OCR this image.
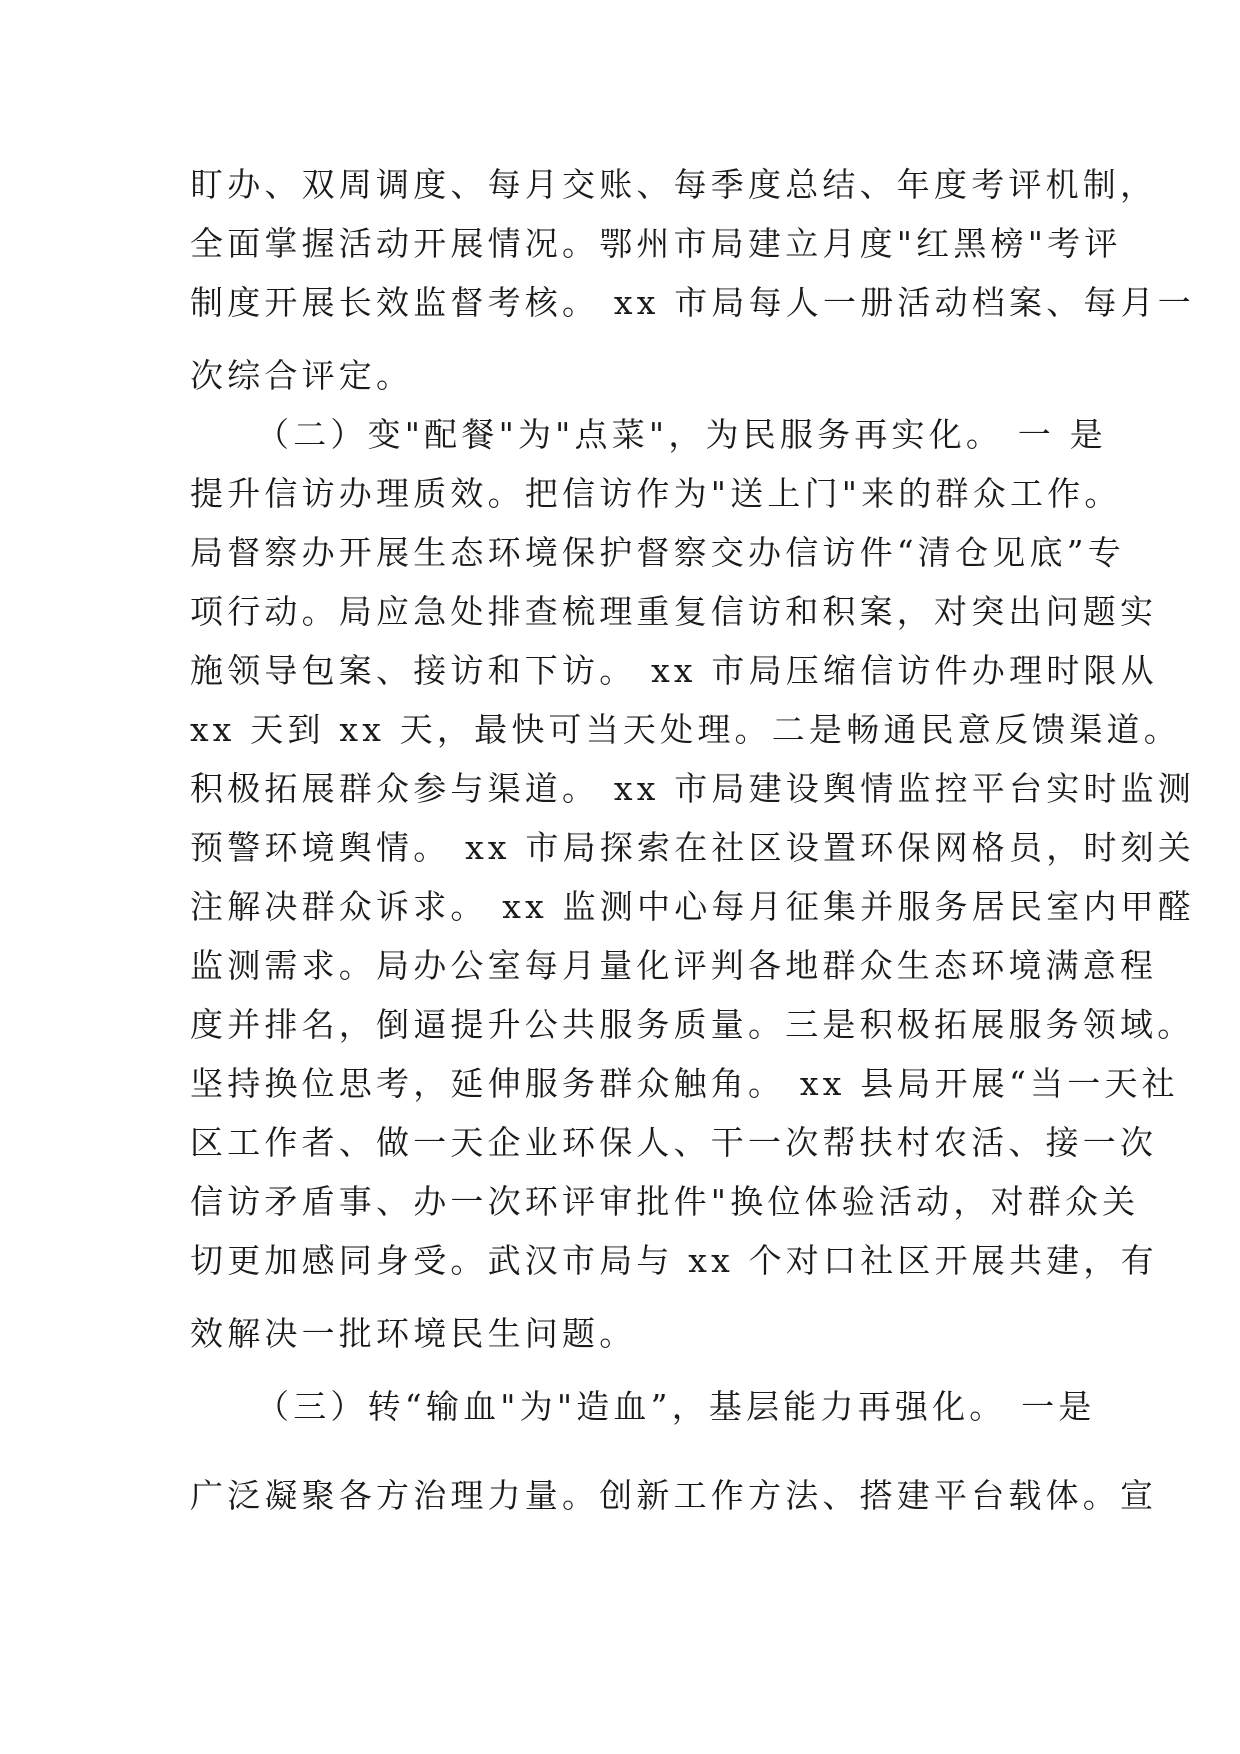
盯办、双周调度、每月交账、每季度总结、年度考评机制，
全面掌握活动开展情况。鄂州市局建立月度"红黑榜"考评
制度开展长效监督考核。 xx 市局每人一册活动档案、每月一
次综合评定。
（二）变"配餐"为"点菜"，为民服务再实化。 一 是
提升信访办理质效。把信访作为"送上门"来的群众工作。
局督察办开展生态环境保护督察交办信访件“清仓见底”专
项行动。局应急处排查梳理重复信访和积案，对突出问题实
施领导包案、接访和下访。 xx 市局压缩信访件办理时限从
xx 天到 xx 天，最快可当天处理。二是畅通民意反馈渠道。
积极拓展群众参与渠道。 xx 市局建设舆情监控平台实时监测
预警环境舆情。 xx 市局探索在社区设置环保网格员，时刻关
注解决群众诉求。 xx 监测中心每月征集并服务居民室内甲醛
监测需求。局办公室每月量化评判各地群众生态环境满意程
度并排名，倒逼提升公共服务质量。三是积极拓展服务领域。
坚持换位思考，延伸服务群众触角。 xx 县局开展“当一天社
区工作者、做一天企业环保人、干一次帮扶村农活、接一次
信访矛盾事、办一次环评审批件"换位体验活动，对群众关
切更加感同身受。武汉市局与 xx 个对口社区开展共建，有
效解决一批环境民生问题。
（三）转“输血"为"造血”，基层能力再强化。 一是
广泛凝聚各方治理力量。创新工作方法、搭建平台载体。宣
